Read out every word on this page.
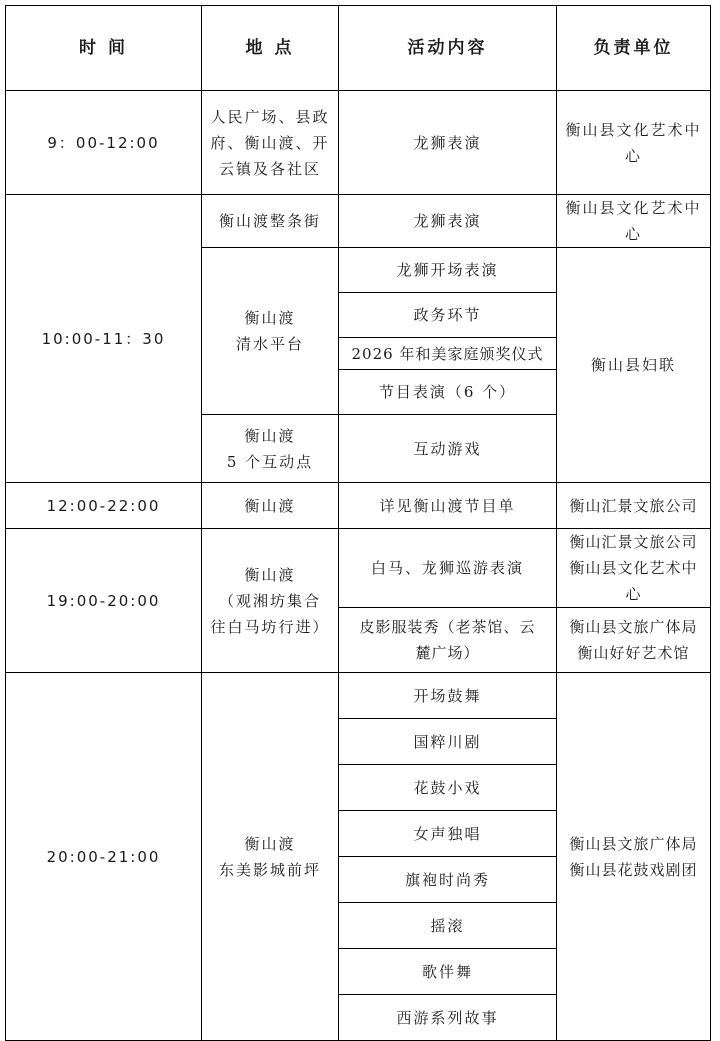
时 间	地 点	活动内容	负责单位
9：00-12:00	人民广场、县政
府、衡山渡、开
云镇及各社区	龙狮表演	衡山县文化艺术中
心

10:00-11：30	衡山渡整条街	龙狮表演	衡山县文化艺术中
心

	衡山渡
清水平台	龙狮开场表演	衡山县妇联
		政务环节	
		2026 年和美家庭颁奖仪式	
		节目表演（6 个）	

	衡山渡
5 个互动点	互动游戏	

12:00-22:00	衡山渡	详见衡山渡节目单	衡山汇景文旅公司
19:00-20:00	衡山渡
（观湘坊集合
往白马坊行进）	白马、龙狮巡游表演	衡山汇景文旅公司
衡山县文化艺术中
心

		皮影服装秀（老茶馆、云
麓广场）	衡山县文旅广体局
衡山好好艺术馆

20:00-21:00	衡山渡
东美影城前坪	开场鼓舞	衡山县文旅广体局
衡山县花鼓戏剧团

		国粹川剧	
		花鼓小戏	
		女声独唱	
		旗袍时尚秀	
		摇滚	
		歌伴舞	
		西游系列故事	
